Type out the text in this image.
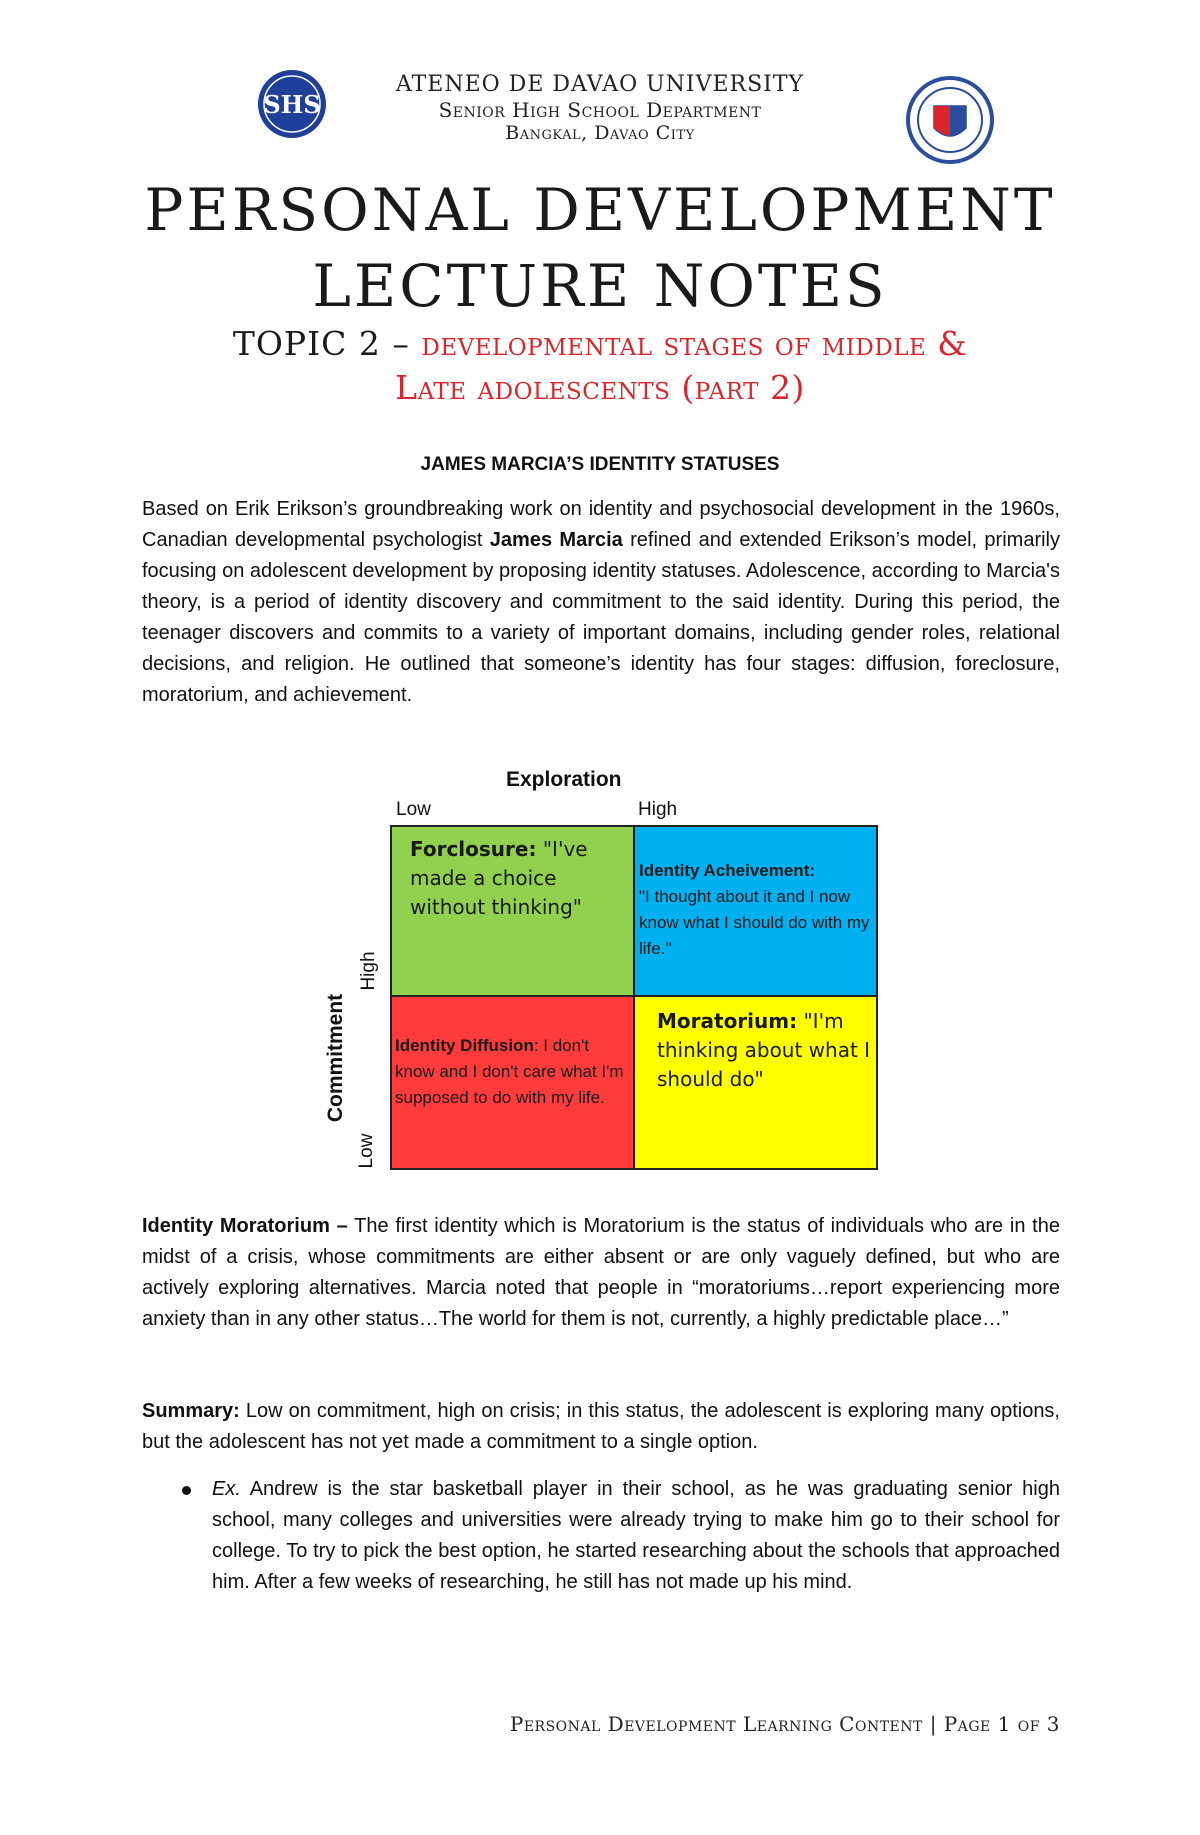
SHS
ATENEO DE DAVAO UNIVERSITY
Senior High School Department
Bangkal, Davao City
PERSONAL DEVELOPMENT
LECTURE NOTES
TOPIC 2 – developmental stages of middle &
Late adolescents (part 2)
JAMES MARCIA’S IDENTITY STATUSES

Based on Erik Erikson’s groundbreaking work on identity and psychosocial development in the 1960s, Canadian developmental psychologist James Marcia refined and extended Erikson’s model, primarily focusing on adolescent development by proposing identity statuses. Adolescence, according to Marcia's theory, is a period of identity discovery and commitment to the said identity. During this period, the teenager discovers and commits to a variety of important domains, including gender roles, relational decisions, and religion. He outlined that someone’s identity has four stages: diffusion, foreclosure, moratorium, and achievement.

Exploration
Low	High
Commitment
High
Low
Forclosure: "I've made a choice without thinking"
Identity Acheivement:
"I thought about it and I now know what I should do with my life."
Identity Diffusion: I don't know and I don't care what I'm supposed to do with my life.
Moratorium: "I'm thinking about what I should do"

Identity Moratorium – The first identity which is Moratorium is the status of individuals who are in the midst of a crisis, whose commitments are either absent or are only vaguely defined, but who are actively exploring alternatives. Marcia noted that people in “moratoriums…report experiencing more anxiety than in any other status…The world for them is not, currently, a highly predictable place…”

Summary: Low on commitment, high on crisis; in this status, the adolescent is exploring many options, but the adolescent has not yet made a commitment to a single option.

Ex. Andrew is the star basketball player in their school, as he was graduating senior high school, many colleges and universities were already trying to make him go to their school for college. To try to pick the best option, he started researching about the schools that approached him. After a few weeks of researching, he still has not made up his mind.
Personal Development Learning Content | Page 1 of 3
